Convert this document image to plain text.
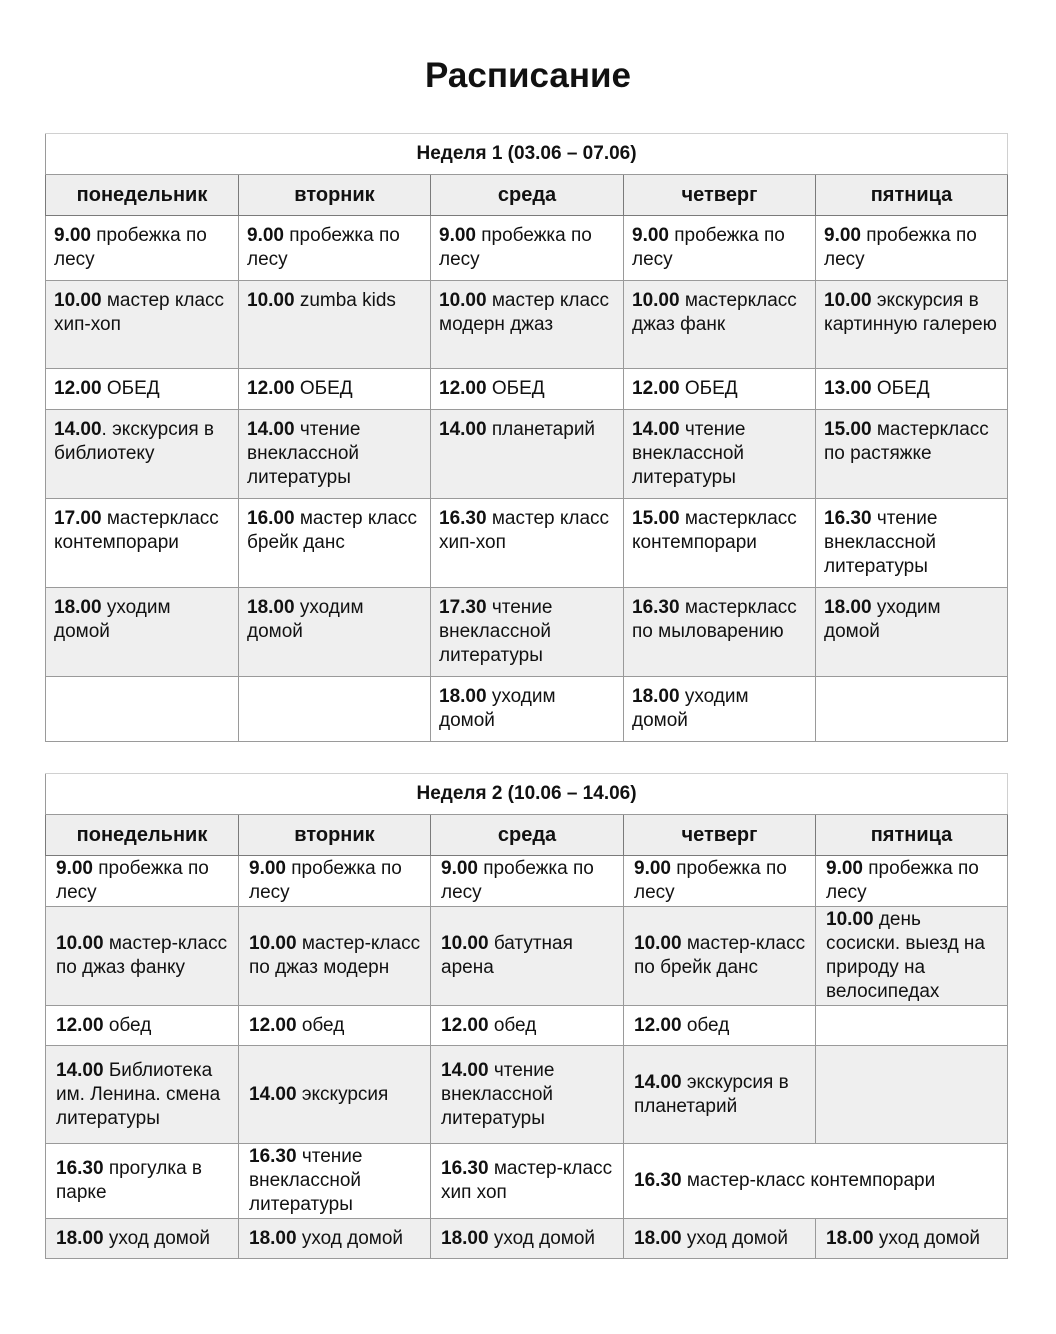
Расписание
Неделя 1 (03.06 – 07.06)				
понедельник	вторник	среда	четверг	пятница
9.00 пробежка по лесу	9.00 пробежка по лесу	9.00 пробежка по лесу	9.00 пробежка по лесу	9.00 пробежка по лесу
10.00 мастер класс хип-хоп	10.00 zumba kids	10.00 мастер класс модерн джаз	10.00 мастеркласс джаз фанк	10.00 экскурсия в картинную галерею
12.00 ОБЕД	12.00 ОБЕД	12.00 ОБЕД	12.00 ОБЕД	13.00 ОБЕД
14.00. экскурсия в библиотеку	14.00 чтение внеклассной литературы	14.00 планетарий	14.00 чтение внеклассной литературы	15.00 мастеркласс по растяжке
17.00 мастеркласс контемпорари	16.00 мастер класс брейк данс	16.30 мастер класс хип-хоп	15.00 мастеркласс контемпорари	16.30 чтение внеклассной литературы
18.00 уходим домой	18.00 уходим домой	17.30 чтение внеклассной литературы	16.30 мастеркласс по мыловарению	18.00 уходим домой
		18.00 уходим домой	18.00 уходим домой	
Неделя 2 (10.06 – 14.06)				
понедельник	вторник	среда	четверг	пятница
9.00 пробежка по лесу	9.00 пробежка по лесу	9.00 пробежка по лесу	9.00 пробежка по лесу	9.00 пробежка по лесу
10.00 мастер-класс по джаз фанку	10.00 мастер-класс по джаз модерн	10.00 батутная арена	10.00 мастер-класс по брейк данс	10.00 день сосиски. выезд на природу на велосипедах
12.00 обед	12.00 обед	12.00 обед	12.00 обед	
14.00 Библиотека им. Ленина. смена литературы	14.00 экскурсия	14.00 чтение внеклассной литературы	14.00 экскурсия в планетарий	
16.30 прогулка в парке	16.30 чтение внеклассной литературы	16.30 мастер-класс хип хоп	16.30 мастер-класс контемпорари	
18.00 уход домой	18.00 уход домой	18.00 уход домой	18.00 уход домой	18.00 уход домой
